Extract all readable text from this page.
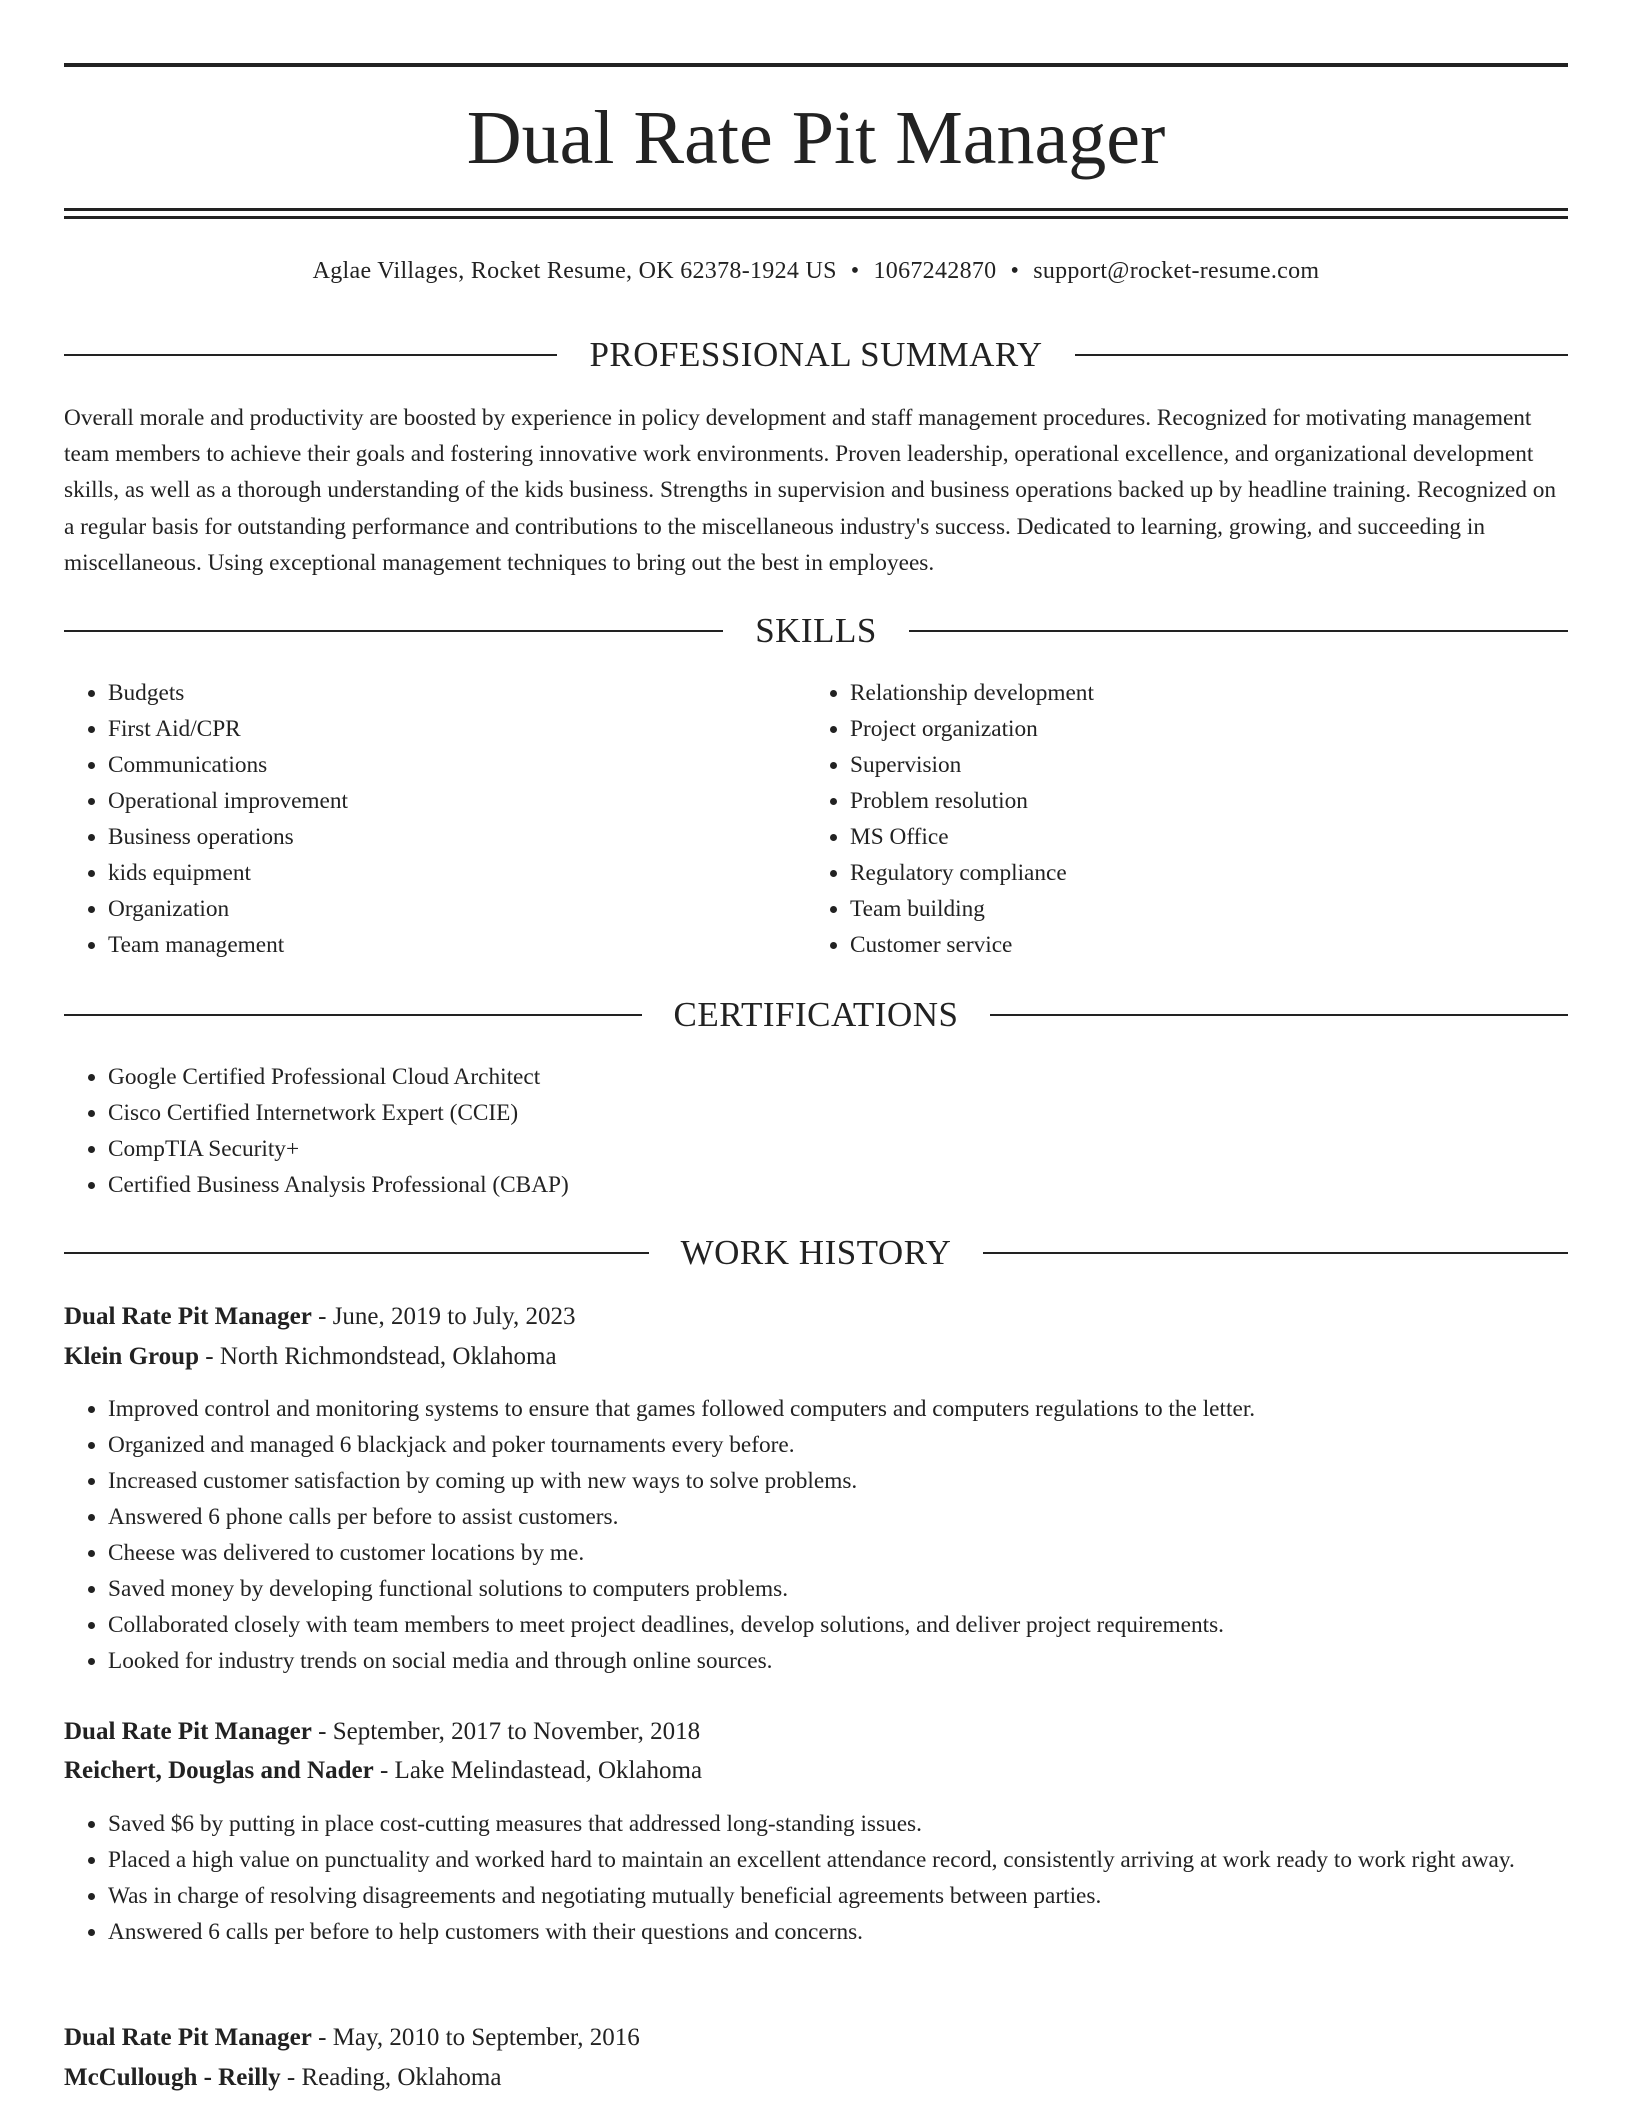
Dual Rate Pit Manager
Aglae Villages, Rocket Resume, OK 62378-1924 US • 1067242870 • support@rocket-resume.com
PROFESSIONAL SUMMARY

Overall morale and productivity are boosted by experience in policy development and staff management procedures. Recognized for motivating management team members to achieve their goals and fostering innovative work environments. Proven leadership, operational excellence, and organizational development skills, as well as a thorough understanding of the kids business. Strengths in supervision and business operations backed up by headline training. Recognized on a regular basis for outstanding performance and contributions to the miscellaneous industry's success. Dedicated to learning, growing, and succeeding in miscellaneous. Using exceptional management techniques to bring out the best in employees.

SKILLS
• Budgets
• First Aid/CPR
• Communications
• Operational improvement
• Business operations
• kids equipment
• Organization
• Team management
• Relationship development
• Project organization
• Supervision
• Problem resolution
• MS Office
• Regulatory compliance
• Team building
• Customer service
CERTIFICATIONS
• Google Certified Professional Cloud Architect
• Cisco Certified Internetwork Expert (CCIE)
• CompTIA Security+
• Certified Business Analysis Professional (CBAP)
WORK HISTORY
Dual Rate Pit Manager - June, 2019 to July, 2023
Klein Group - North Richmondstead, Oklahoma
• Improved control and monitoring systems to ensure that games followed computers and computers regulations to the letter.
• Organized and managed 6 blackjack and poker tournaments every before.
• Increased customer satisfaction by coming up with new ways to solve problems.
• Answered 6 phone calls per before to assist customers.
• Cheese was delivered to customer locations by me.
• Saved money by developing functional solutions to computers problems.
• Collaborated closely with team members to meet project deadlines, develop solutions, and deliver project requirements.
• Looked for industry trends on social media and through online sources.
Dual Rate Pit Manager - September, 2017 to November, 2018
Reichert, Douglas and Nader - Lake Melindastead, Oklahoma
• Saved $6 by putting in place cost-cutting measures that addressed long-standing issues.
• Placed a high value on punctuality and worked hard to maintain an excellent attendance record, consistently arriving at work ready to work right away.
• Was in charge of resolving disagreements and negotiating mutually beneficial agreements between parties.
• Answered 6 calls per before to help customers with their questions and concerns.
Dual Rate Pit Manager - May, 2010 to September, 2016
McCullough - Reilly - Reading, Oklahoma
